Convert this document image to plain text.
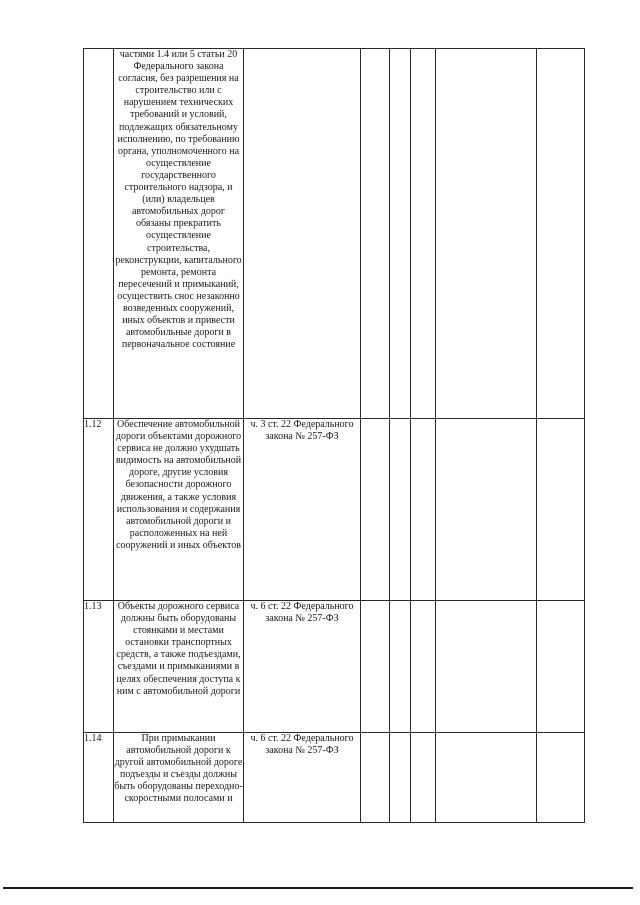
	частями 1.4 или 5 статьи 20 Федерального закона согласия, без разрешения на строительство или с нарушением технических требований и условий, подлежащих обязательному исполнению, по требованию органа, уполномоченного на осуществление государственного строительного надзора, и (или) владельцев автомобильных дорог обязаны прекратить осуществление строительства, реконструкции, капитального ремонта, ремонта пересечений и примыканий, осуществить снос незаконно возведенных сооружений, иных объектов и привести автомобильные дороги в первоначальное состояние						
1.12	Обеспечение автомобильной дороги объектами дорожного сервиса не должно ухудшать видимость на автомобильной дороге, другие условия безопасности дорожного движения, а также условия использования и содержания автомобильной дороги и расположенных на ней сооружений и иных объектов	ч. 3 ст. 22 Федерального закона № 257-ФЗ					
1.13	Объекты дорожного сервиса должны быть оборудованы стоянками и местами остановки транспортных средств, а также подъездами, съездами и примыканиями в целях обеспечения доступа к ним с автомобильной дороги	ч. 6 ст. 22 Федерального закона № 257-ФЗ					
1.14	При примыкании автомобильной дороги к другой автомобильной дороге подъезды и съезды должны быть оборудованы переходно-скоростными полосами и	ч. 6 ст. 22 Федерального закона № 257-ФЗ					
